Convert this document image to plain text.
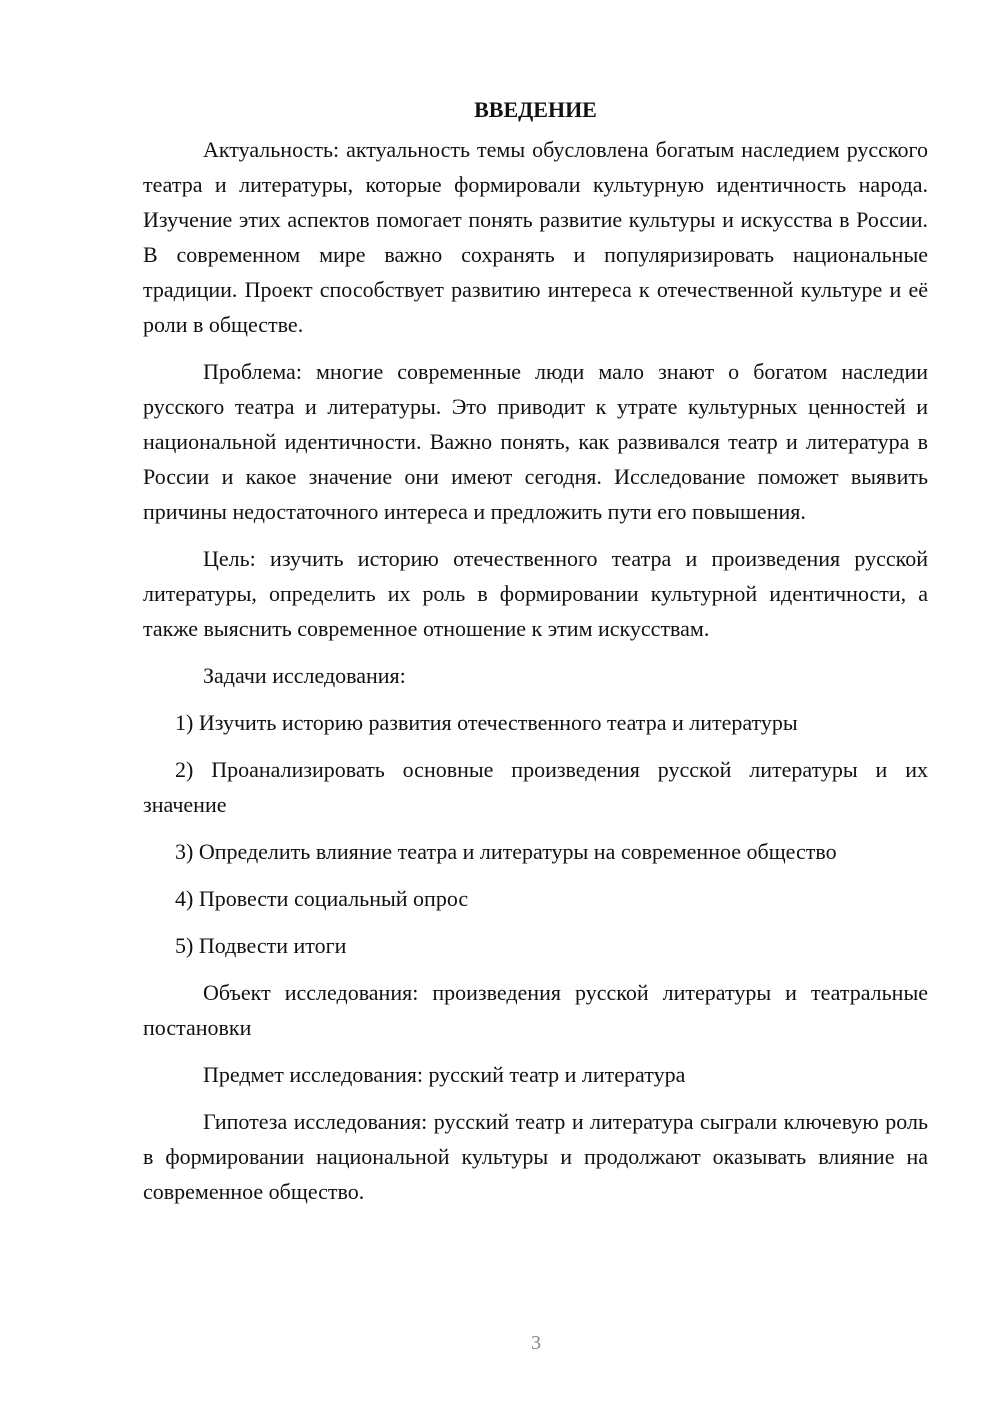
ВВЕДЕНИЕ

Актуальность: актуальность темы обусловлена богатым наследием русского театра и литературы, которые формировали культурную идентичность народа. Изучение этих аспектов помогает понять развитие культуры и искусства в России. В современном мире важно сохранять и популяризировать национальные традиции. Проект способствует развитию интереса к отечественной культуре и её роли в обществе.

Проблема: многие современные люди мало знают о богатом наследии русского театра и литературы. Это приводит к утрате культурных ценностей и национальной идентичности. Важно понять, как развивался театр и литература в России и какое значение они имеют сегодня. Исследование поможет выявить причины недостаточного интереса и предложить пути его повышения.

Цель: изучить историю отечественного театра и произведения русской литературы, определить их роль в формировании культурной идентичности, а также выяснить современное отношение к этим искусствам.

Задачи исследования:

1) Изучить историю развития отечественного театра и литературы

2) Проанализировать основные произведения русской литературы и их значение

3) Определить влияние театра и литературы на современное общество

4) Провести социальный опрос

5) Подвести итоги

Объект исследования: произведения русской литературы и театральные постановки

Предмет исследования: русский театр и литература

Гипотеза исследования: русский театр и литература сыграли ключевую роль в формировании национальной культуры и продолжают оказывать влияние на современное общество.

3
